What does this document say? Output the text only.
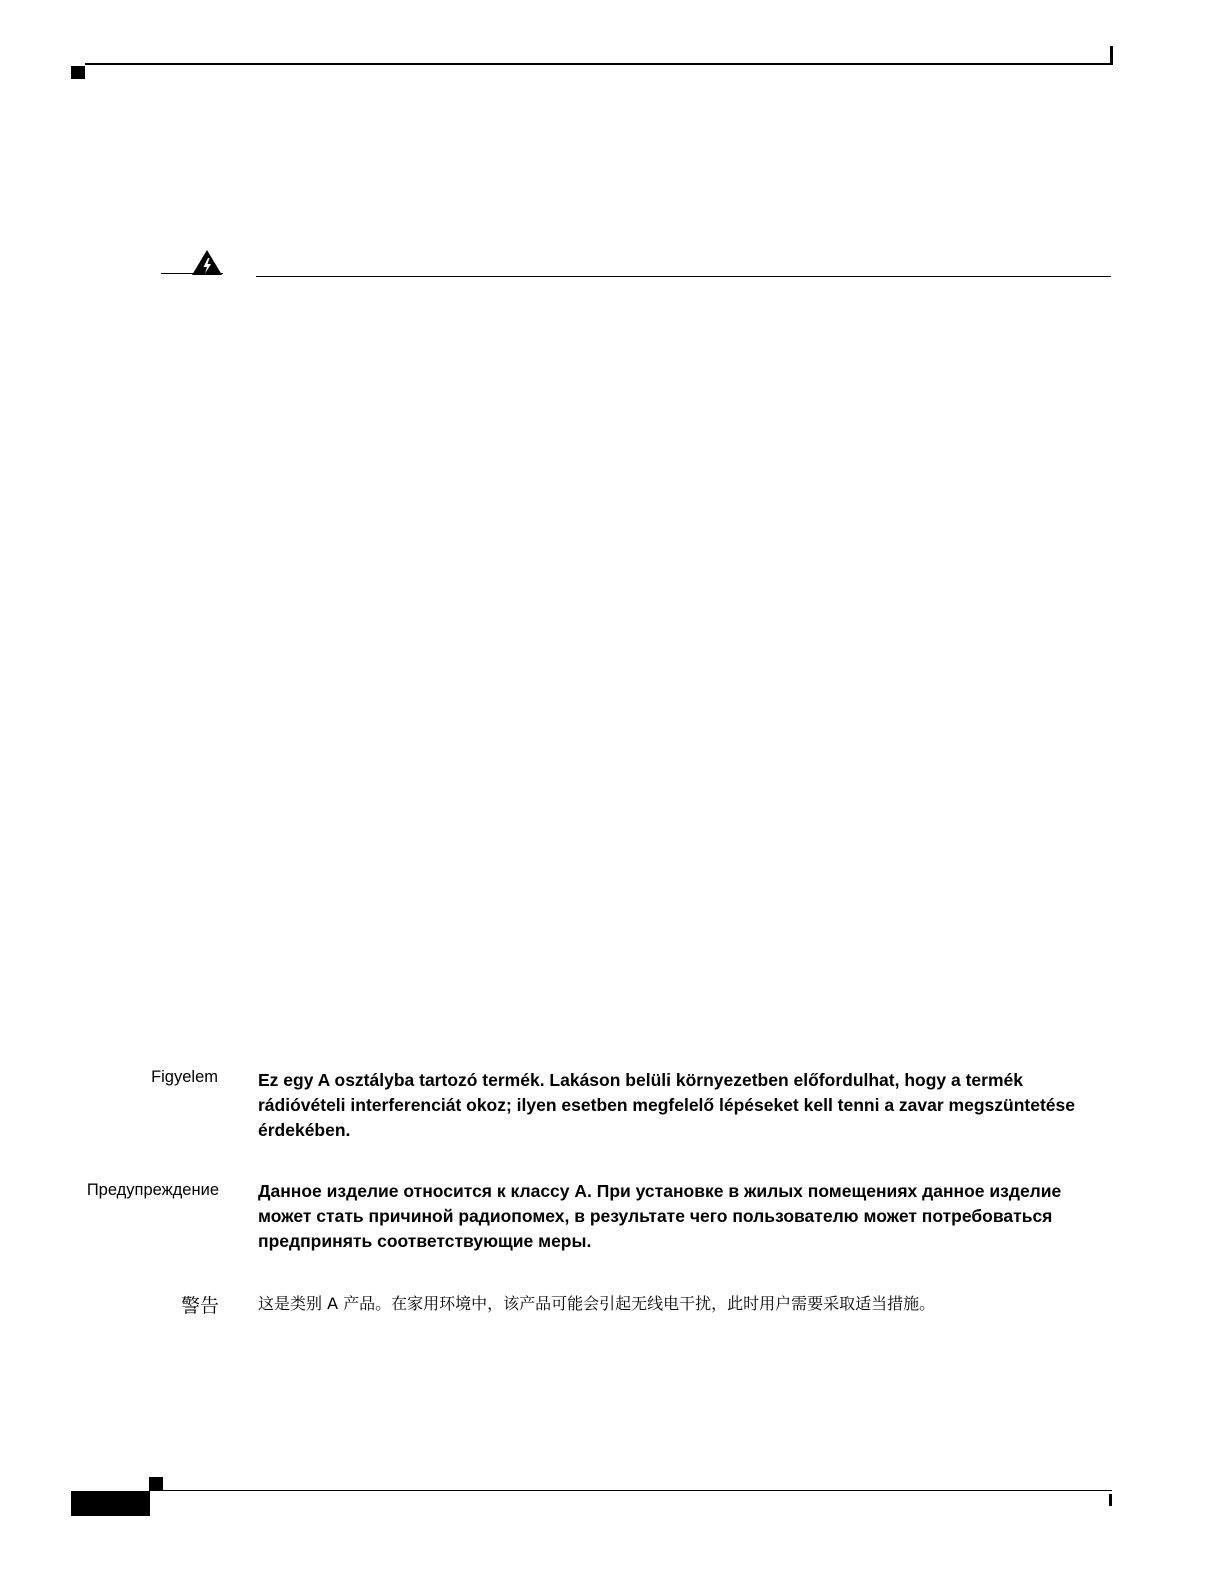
Figyelem Ez egy A osztályba tartozó termék. Lakáson belüli környezetben előfordulhat, hogy a termék rádióvételi interferenciát okoz; ilyen esetben megfelelő lépéseket kell tenni a zavar megszüntetése érdekében.
Предупреждение Данное изделие относится к классу А. При установке в жилых помещениях данное изделие может стать причиной радиопомех, в результате чего пользователю может потребоваться предпринять соответствующие меры.
警告 这是类别 A 产品。在家用环境中，该产品可能会引起无线电干扰，此时用户需要采取适当措施。
